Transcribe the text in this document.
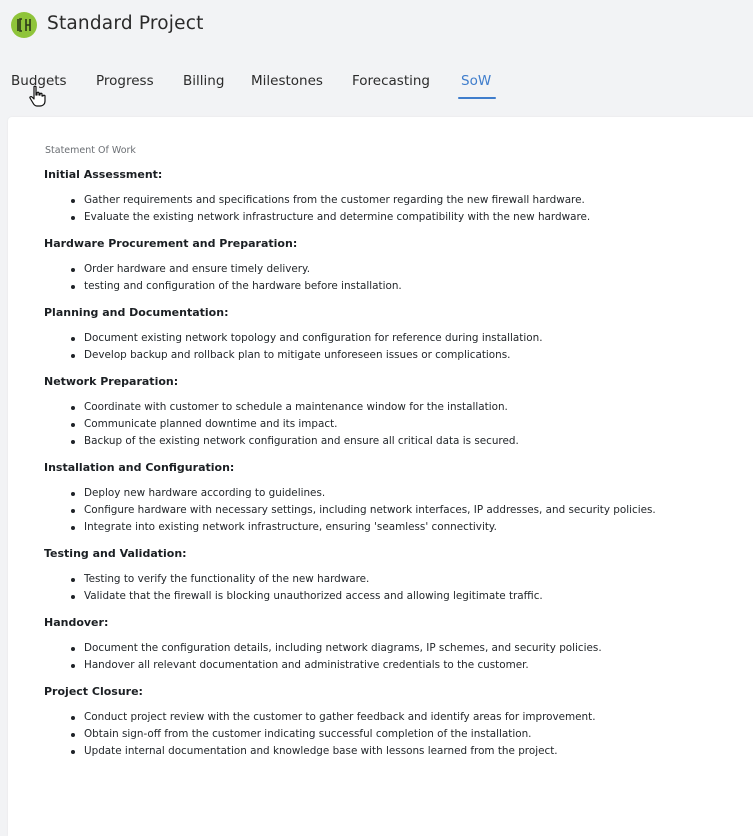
Standard Project
Budgets Progress Billing Milestones Forecasting SoW
Statement Of Work
Initial Assessment:
Gather requirements and specifications from the customer regarding the new firewall hardware.
Evaluate the existing network infrastructure and determine compatibility with the new hardware.
Hardware Procurement and Preparation:
Order hardware and ensure timely delivery.
testing and configuration of the hardware before installation.
Planning and Documentation:
Document existing network topology and configuration for reference during installation.
Develop backup and rollback plan to mitigate unforeseen issues or complications.
Network Preparation:
Coordinate with customer to schedule a maintenance window for the installation.
Communicate planned downtime and its impact.
Backup of the existing network configuration and ensure all critical data is secured.
Installation and Configuration:
Deploy new hardware according to guidelines.
Configure hardware with necessary settings, including network interfaces, IP addresses, and security policies.
Integrate into existing network infrastructure, ensuring 'seamless' connectivity.
Testing and Validation:
Testing to verify the functionality of the new hardware.
Validate that the firewall is blocking unauthorized access and allowing legitimate traffic.
Handover:
Document the configuration details, including network diagrams, IP schemes, and security policies.
Handover all relevant documentation and administrative credentials to the customer.
Project Closure:
Conduct project review with the customer to gather feedback and identify areas for improvement.
Obtain sign-off from the customer indicating successful completion of the installation.
Update internal documentation and knowledge base with lessons learned from the project.
